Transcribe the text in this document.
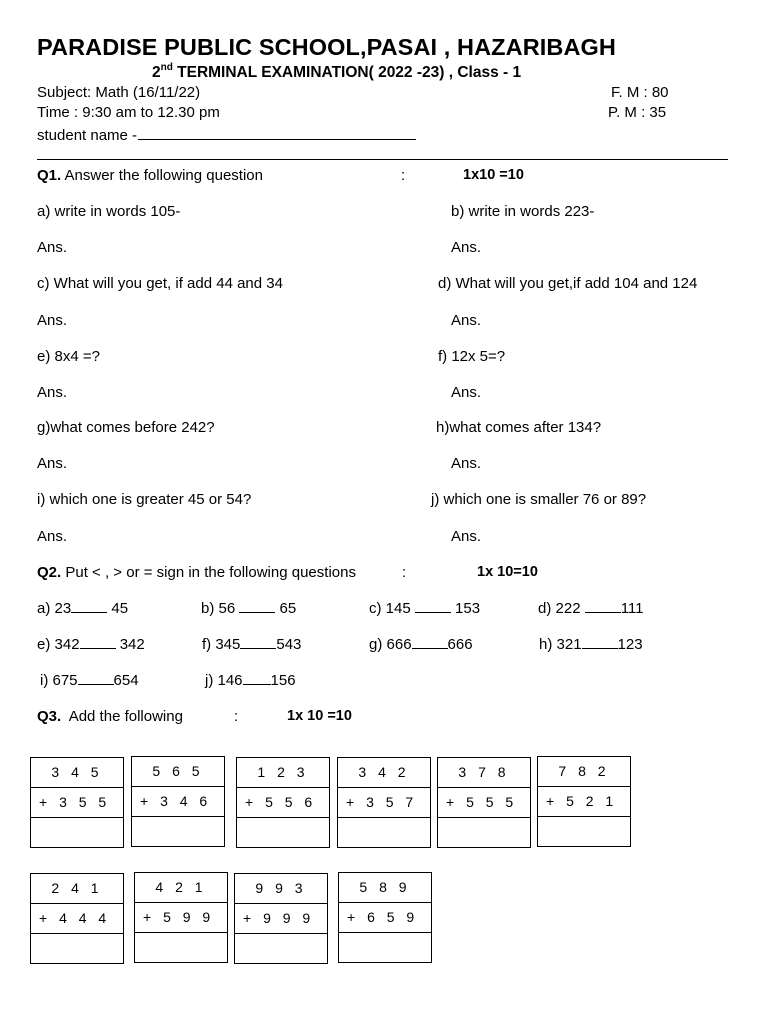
PARADISE PUBLIC SCHOOL,PASAI , HAZARIBAGH
2nd TERMINAL EXAMINATION( 2022 -23) , Class - 1
Subject: Math (16/11/22)	F. M : 80
Time : 9:30 am to 12.30 pm	P. M : 35
student name -
Q1. Answer the following question	:	1x10 =10
a) write in words 105-	b) write in words 223-
Ans.	Ans.
c) What will you get, if add 44 and 34	d) What will you get,if add 104 and 124
Ans.	Ans.
e) 8x4 =?	f) 12x 5=?
Ans.	Ans.
g)what comes before 242?	h)what comes after 134?
Ans.	Ans.
i) which one is greater 45 or 54?	j) which one is smaller 76 or 89?
Ans.	Ans.
Q2. Put < , > or = sign in the following questions	:	1x 10=10
a) 23 45	b) 56  65	c) 145  153	d) 222 111
e) 342 342	f) 345 543	g) 666 666	h) 321 123
i) 675 654	j) 146 156
Q3. Add the following	:	1x 10 =10
3 4 5
+ 3 5 5
5 6 5
+ 3 4 6
1 2 3
+ 5 5 6
3 4 2
+ 3 5 7
3 7 8
+ 5 5 5
7 8 2
+ 5 2 1
2 4 1
+ 4 4 4
4 2 1
+ 5 9 9
9 9 3
+ 9 9 9
5 8 9
+ 6 5 9
